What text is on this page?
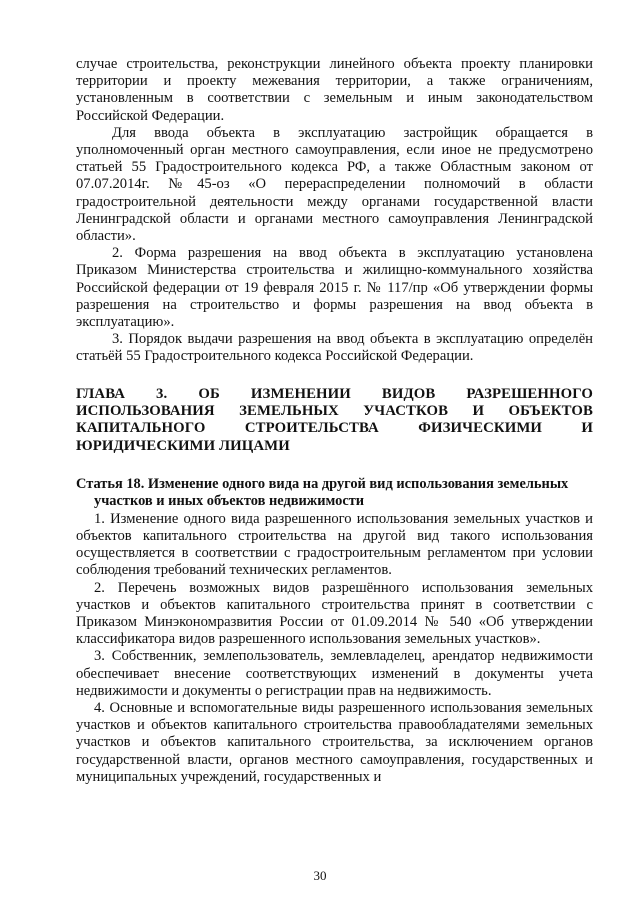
случае строительства, реконструкции линейного объекта проекту планировки территории и проекту межевания территории, а также ограничениям, установленным в соответствии с земельным и иным законодательством Российской Федерации.

Для ввода объекта в эксплуатацию застройщик обращается в уполномоченный орган местного самоуправления, если иное не предусмотрено статьей 55 Градостроительного кодекса РФ, а также Областным законом от 07.07.2014г. №45-оз «О перераспределении полномочий в области градостроительной деятельности между органами государственной власти Ленинградской области и органами местного самоуправления Ленинградской области».

2. Форма разрешения на ввод объекта в эксплуатацию установлена Приказом Министерства строительства и жилищно-коммунального хозяйства Российской федерации от 19 февраля 2015 г. № 117/пр «Об утверждении формы разрешения на строительство и формы разрешения на ввод объекта в эксплуатацию».

3. Порядок выдачи разрешения на ввод объекта в эксплуатацию определён статьёй 55 Градостроительного кодекса Российской Федерации.

ГЛАВА 3. ОБ ИЗМЕНЕНИИ ВИДОВ РАЗРЕШЕННОГО
ИСПОЛЬЗОВАНИЯ ЗЕМЕЛЬНЫХ УЧАСТКОВ И ОБЪЕКТОВ
КАПИТАЛЬНОГО СТРОИТЕЛЬСТВА ФИЗИЧЕСКИМИ И
ЮРИДИЧЕСКИМИ ЛИЦАМИ
Статья 18. Изменение одного вида на другой вид использования земельных
участков и иных объектов недвижимости

1. Изменение одного вида разрешенного использования земельных участков и объектов капитального строительства на другой вид такого использования осуществляется в соответствии с градостроительным регламентом при условии соблюдения требований технических регламентов.

2. Перечень возможных видов разрешённого использования земельных участков и объектов капитального строительства принят в соответствии с Приказом Минэкономразвития России от 01.09.2014 № 540 «Об утверждении классификатора видов разрешенного использования земельных участков».

3. Собственник, землепользователь, землевладелец, арендатор недвижимости обеспечивает внесение соответствующих изменений в документы учета недвижимости и документы о регистрации прав на недвижимость.

4. Основные и вспомогательные виды разрешенного использования земельных участков и объектов капитального строительства правообладателями земельных участков и объектов капитального строительства, за исключением органов государственной власти, органов местного самоуправления, государственных и муниципальных учреждений, государственных и

30
